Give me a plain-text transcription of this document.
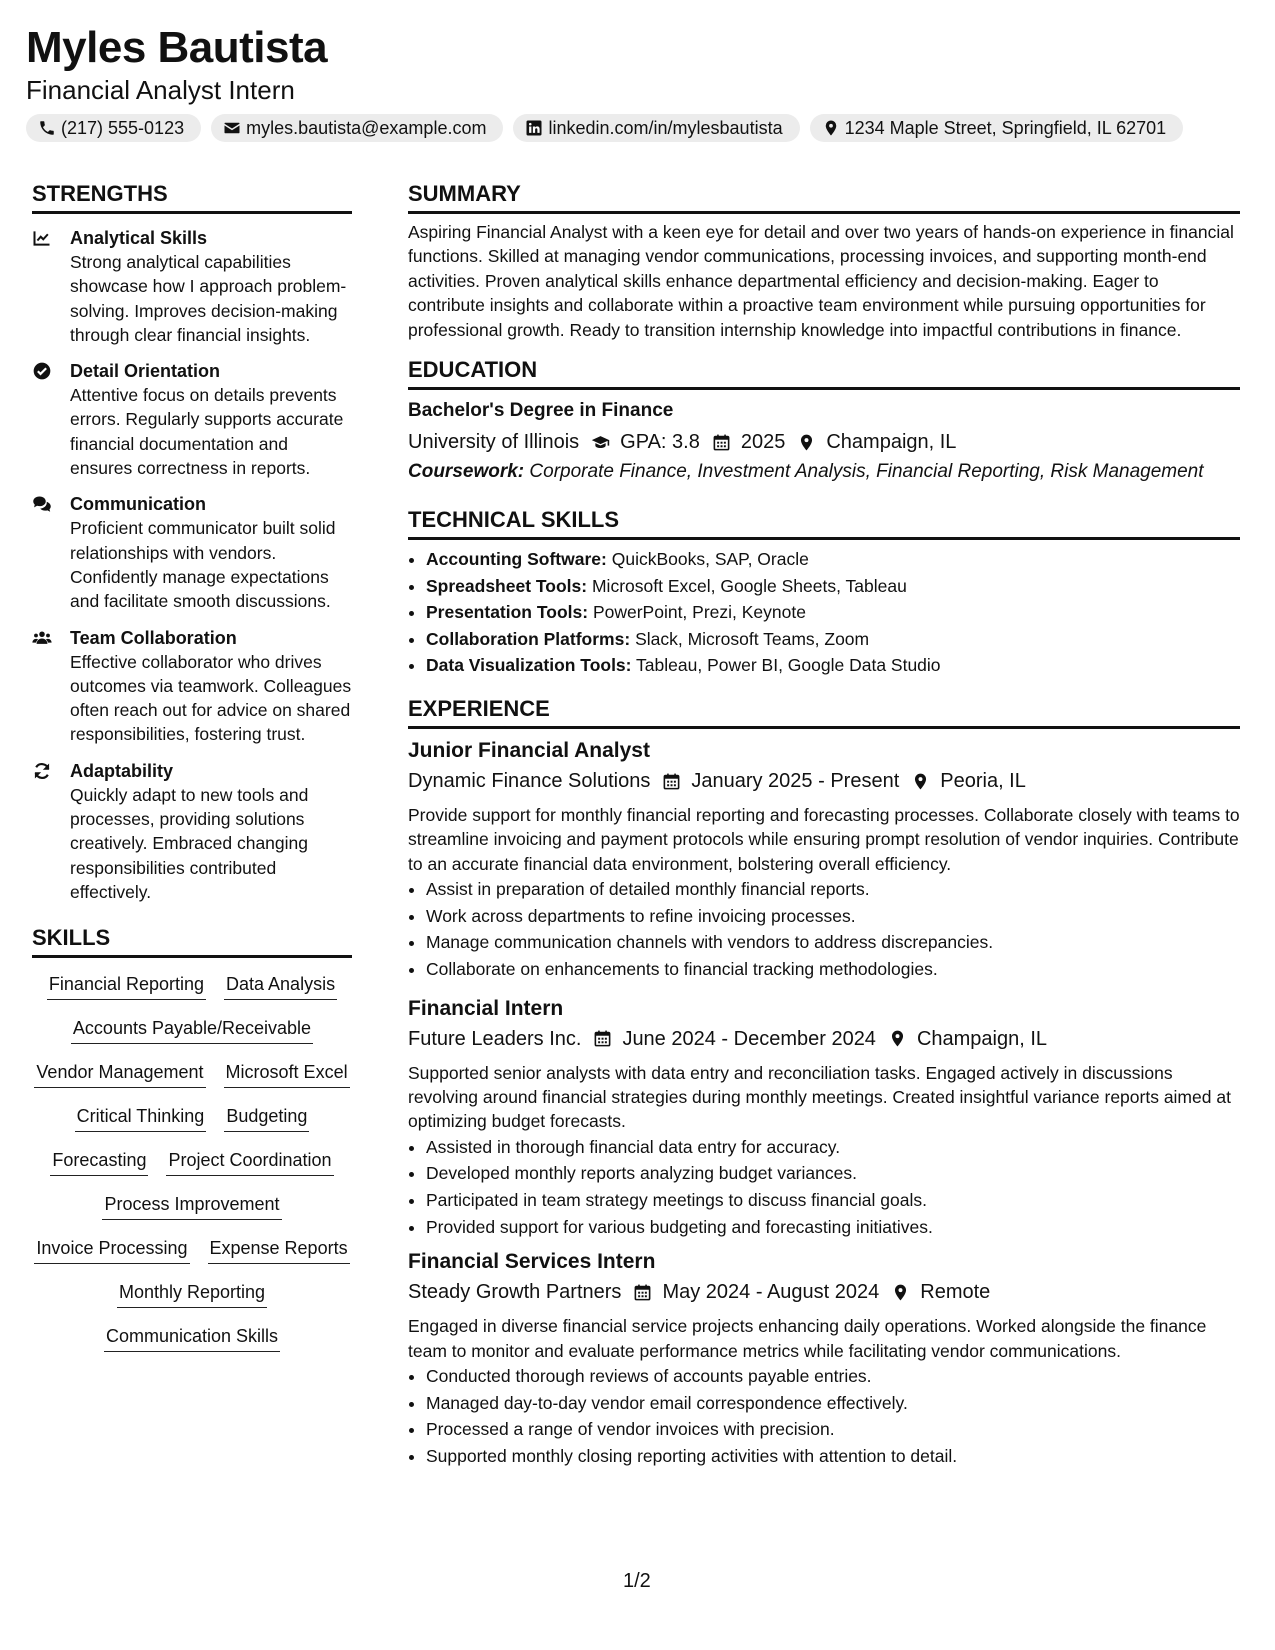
Myles Bautista
Financial Analyst Intern
(217) 555-0123	myles.bautista@example.com	linkedin.com/in/mylesbautista	1234 Maple Street, Springfield, IL 62701
STRENGTHS
Analytical Skills
Strong analytical capabilities showcase how I approach problem-solving. Improves decision-making through clear financial insights.
Detail Orientation
Attentive focus on details prevents errors. Regularly supports accurate financial documentation and ensures correctness in reports.
Communication
Proficient communicator built solid relationships with vendors. Confidently manage expectations and facilitate smooth discussions.
Team Collaboration
Effective collaborator who drives outcomes via teamwork. Colleagues often reach out for advice on shared responsibilities, fostering trust.
Adaptability
Quickly adapt to new tools and processes, providing solutions creatively. Embraced changing responsibilities contributed effectively.
SKILLS
Financial Reporting Data Analysis
Accounts Payable/Receivable
Vendor Management Microsoft Excel
Critical Thinking Budgeting
Forecasting Project Coordination
Process Improvement
Invoice Processing Expense Reports
Monthly Reporting
Communication Skills
SUMMARY
Aspiring Financial Analyst with a keen eye for detail and over two years of hands-on experience in financial functions. Skilled at managing vendor communications, processing invoices, and supporting month-end activities. Proven analytical skills enhance departmental efficiency and decision-making. Eager to contribute insights and collaborate within a proactive team environment while pursuing opportunities for professional growth. Ready to transition internship knowledge into impactful contributions in finance.
EDUCATION
Bachelor's Degree in Finance
University of Illinois GPA: 3.8 2025 Champaign, IL
Coursework: Corporate Finance, Investment Analysis, Financial Reporting, Risk Management
TECHNICAL SKILLS
• Accounting Software: QuickBooks, SAP, Oracle
• Spreadsheet Tools: Microsoft Excel, Google Sheets, Tableau
• Presentation Tools: PowerPoint, Prezi, Keynote
• Collaboration Platforms: Slack, Microsoft Teams, Zoom
• Data Visualization Tools: Tableau, Power BI, Google Data Studio
EXPERIENCE
Junior Financial Analyst
Dynamic Finance Solutions January 2025 - Present Peoria, IL
Provide support for monthly financial reporting and forecasting processes. Collaborate closely with teams to streamline invoicing and payment protocols while ensuring prompt resolution of vendor inquiries. Contribute to an accurate financial data environment, bolstering overall efficiency.
• Assist in preparation of detailed monthly financial reports.
• Work across departments to refine invoicing processes.
• Manage communication channels with vendors to address discrepancies.
• Collaborate on enhancements to financial tracking methodologies.
Financial Intern
Future Leaders Inc. June 2024 - December 2024 Champaign, IL
Supported senior analysts with data entry and reconciliation tasks. Engaged actively in discussions revolving around financial strategies during monthly meetings. Created insightful variance reports aimed at optimizing budget forecasts.
• Assisted in thorough financial data entry for accuracy.
• Developed monthly reports analyzing budget variances.
• Participated in team strategy meetings to discuss financial goals.
• Provided support for various budgeting and forecasting initiatives.
Financial Services Intern
Steady Growth Partners May 2024 - August 2024 Remote
Engaged in diverse financial service projects enhancing daily operations. Worked alongside the finance team to monitor and evaluate performance metrics while facilitating vendor communications.
• Conducted thorough reviews of accounts payable entries.
• Managed day-to-day vendor email correspondence effectively.
• Processed a range of vendor invoices with precision.
• Supported monthly closing reporting activities with attention to detail.
1/2
